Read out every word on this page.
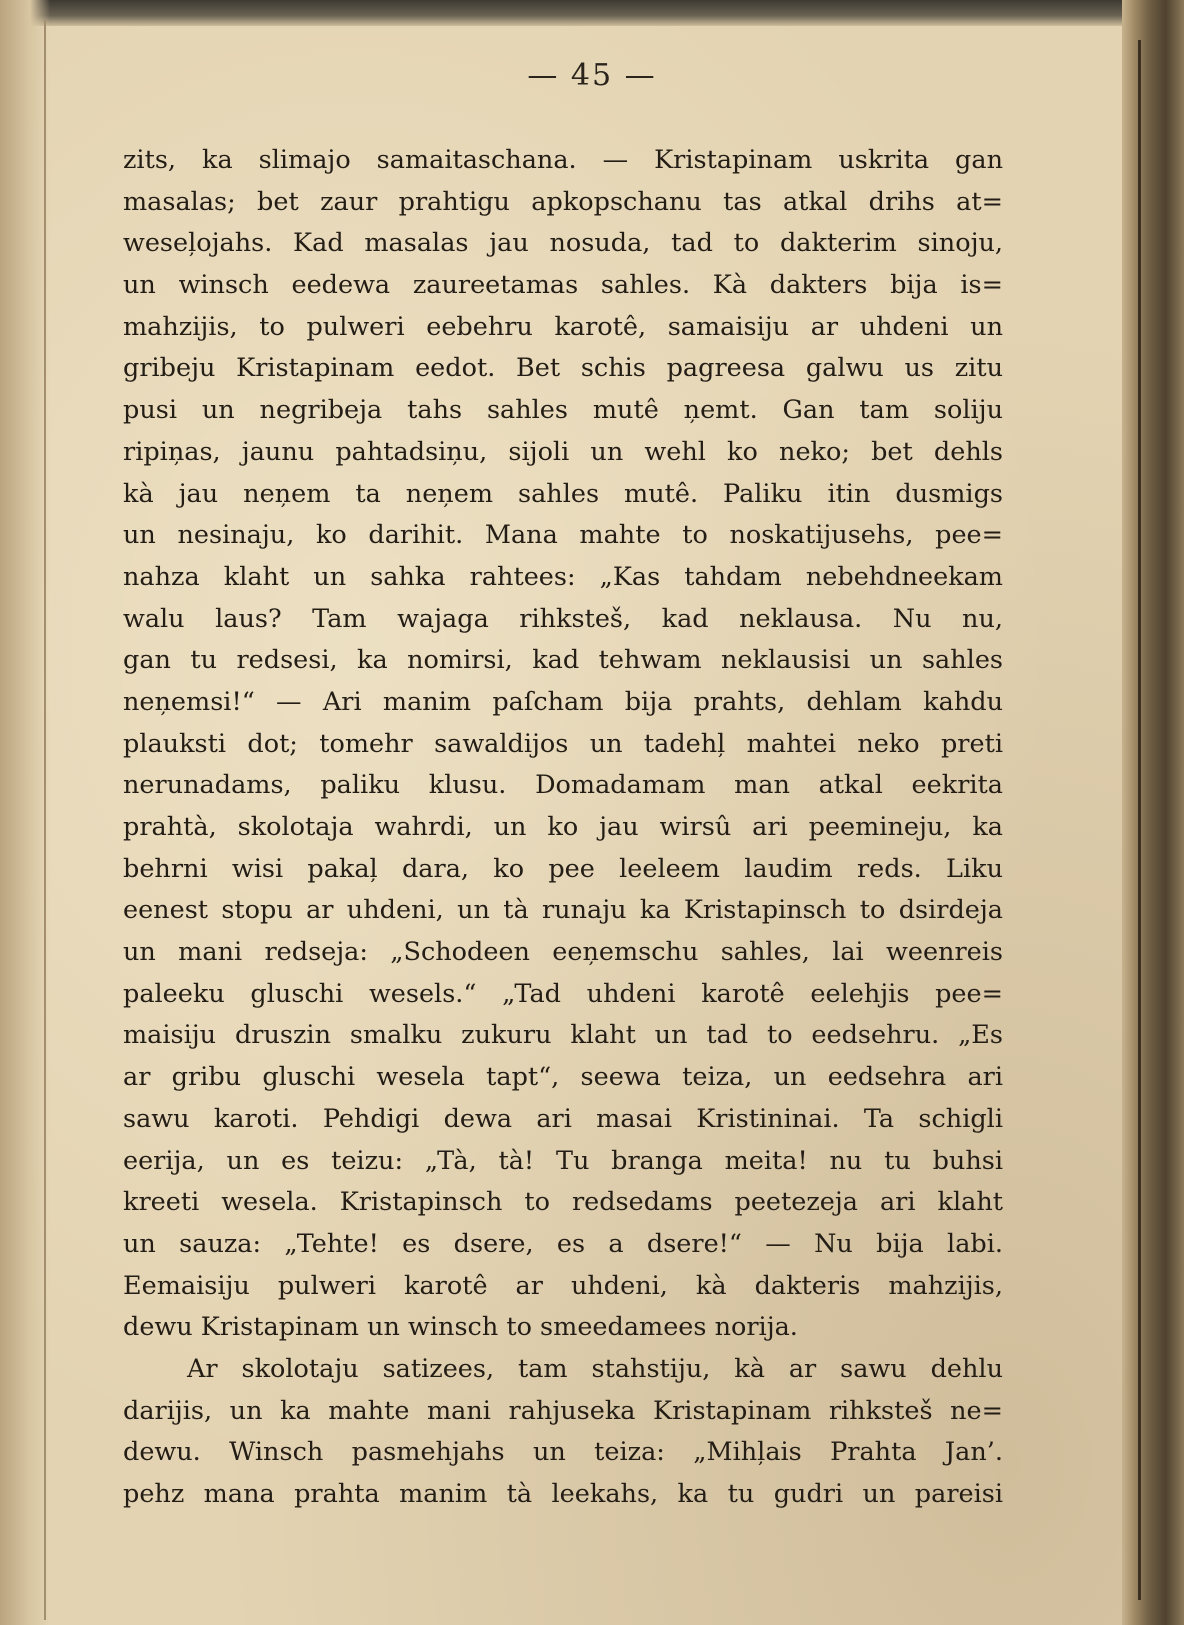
— 45 —
zits, ka slimajo samaitaschana. — Kristapinam uskrita gan
masalas; bet zaur prahtigu apkopschanu tas atkal drihs at=
weseļojahs. Kad masalas jau nosuda, tad to dakterim sinoju,
un winsch eedewa zaureetamas sahles. Kà dakters bija is=
mahzijis, to pulweri eebehru karotê, samaisiju ar uhdeni un
gribeju Kristapinam eedot. Bet schis pagreesa galwu us zitu
pusi un negribeja tahs sahles mutê ņemt. Gan tam soliju
ripiņas, jaunu pahtadsiņu, sijoli un wehl ko neko; bet dehls
kà jau neņem ta neņem sahles mutê. Paliku itin dusmigs
un nesinaju, ko darihit. Mana mahte to noskatijusehs, pee=
nahza klaht un sahka rahtees: „Kas tahdam nebehdneekam
walu laus? Tam wajaga rihksteš, kad neklausa. Nu nu,
gan tu redsesi, ka nomirsi, kad tehwam neklausisi un sahles
neņemsi!“ — Ari manim paſcham bija prahts, dehlam kahdu
plauksti dot; tomehr sawaldijos un tadehļ mahtei neko preti
nerunadams, paliku klusu. Domadamam man atkal eekrita
prahtà, skolotaja wahrdi, un ko jau wirsû ari peemineju, ka
behrni wisi pakaļ dara, ko pee leeleem laudim reds. Liku
eenest stopu ar uhdeni, un tà runaju ka Kristapinsch to dsirdeja
un mani redseja: „Schodeen eeņemschu sahles, lai weenreis
paleeku gluschi wesels.“ „Tad uhdeni karotê eelehjis pee=
maisiju druszin smalku zukuru klaht un tad to eedsehru. „Es
ar gribu gluschi wesela tapt“, seewa teiza, un eedsehra ari
sawu karoti. Pehdigi dewa ari masai Kristininai. Ta schigli
eerija, un es teizu: „Tà, tà! Tu branga meita! nu tu buhsi
kreeti wesela. Kristapinsch to redsedams peetezeja ari klaht
un sauza: „Tehte! es dsere, es a dsere!“ — Nu bija labi.
Eemaisiju pulweri karotê ar uhdeni, kà dakteris mahzijis,
dewu Kristapinam un winsch to smeedamees norija.
Ar skolotaju satizees, tam stahstiju, kà ar sawu dehlu
darijis, un ka mahte mani rahjuseka Kristapinam rihksteš ne=
dewu. Winsch pasmehjahs un teiza: „Mihļais Prahta Jan’.
pehz mana prahta manim tà leekahs, ka tu gudri un pareisi
